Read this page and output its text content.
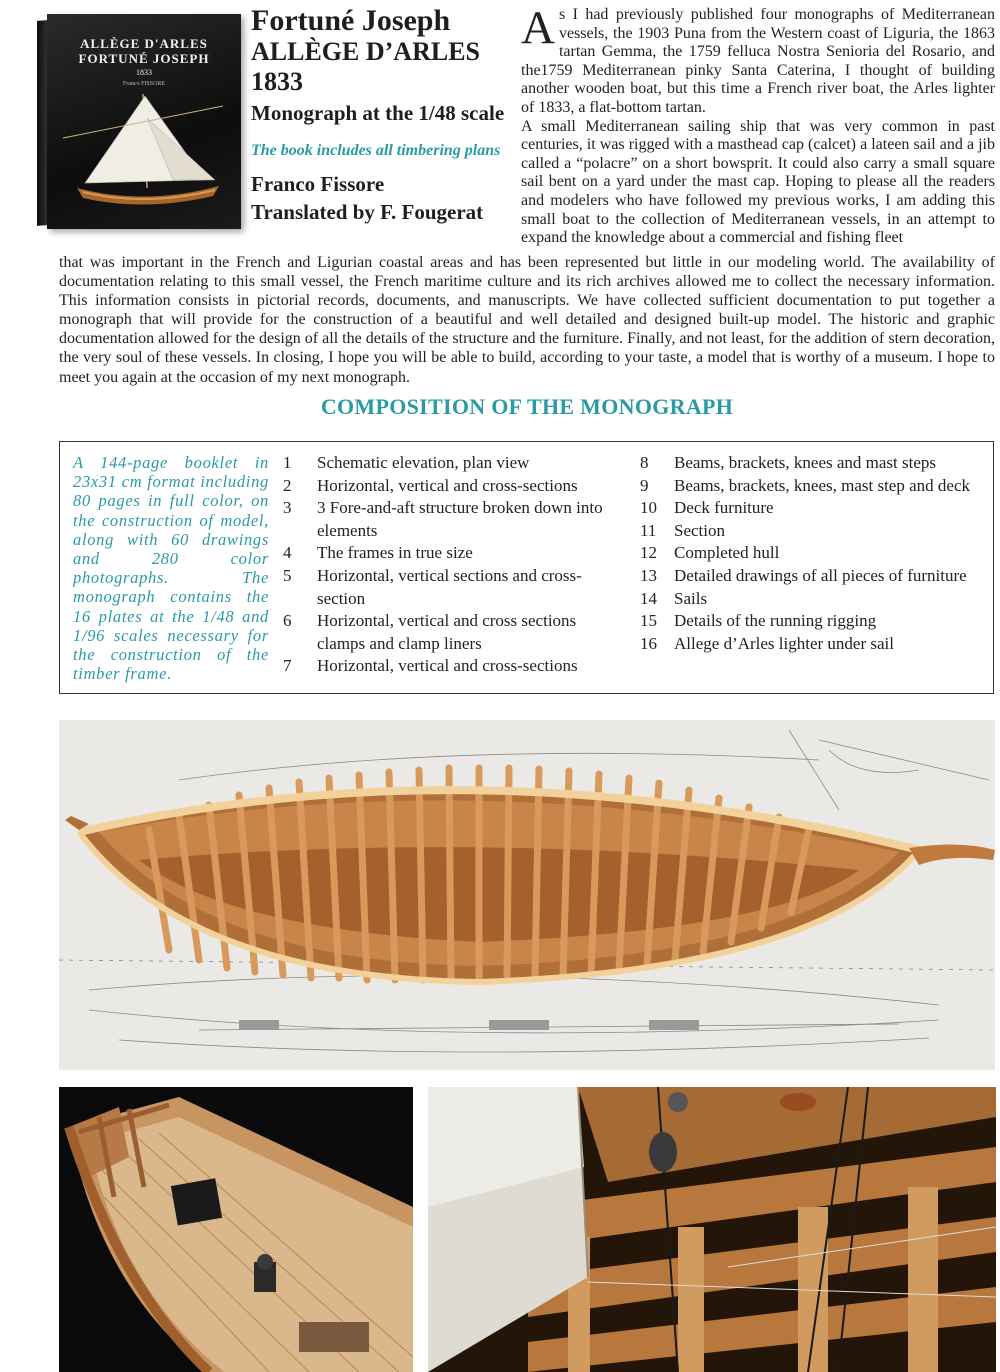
ALLÈGE D'ARLES
FORTUNÉ JOSEPH
1833
Franco FISSORE
Fortuné Joseph
ALLÈGE D’ARLES
1833
Monograph at the 1/48 scale
The book includes all timbering plans
Franco Fissore
Translated by F. Fougerat
A s I had previously published four monographs of Mediterranean vessels, the 1903 Puna from the Western coast of Liguria, the 1863 tartan Gemma, the 1759 felluca Nostra Senioria del Rosario, and the1759 Mediterranean pinky Santa Caterina, I thought of building another wooden boat, but this time a French river boat, the Arles lighter of 1833, a flat-bottom tartan.

A small Mediterranean sailing ship that was very common in past centuries, it was rigged with a masthead cap (calcet) a lateen sail and a jib called a “polacre” on a short bowsprit. It could also carry a small square sail bent on a yard under the mast cap. Hoping to please all the readers and modelers who have followed my previous works, I am adding this small boat to the collection of Mediterranean vessels, in an attempt to expand the knowledge about a commercial and fishing fleet

that was important in the French and Ligurian coastal areas and has been represented but little in our modeling world. The availability of documentation relating to this small vessel, the French maritime culture and its rich archives allowed me to collect the necessary information. This information consists in pictorial records, documents, and manuscripts. We have collected sufficient documentation to put together a monograph that will provide for the construction of a beautiful and well detailed and designed built-up model. The historic and graphic documentation allowed for the design of all the details of the structure and the furniture. Finally, and not least, for the addition of stern decoration, the very soul of these vessels. In closing, I hope you will be able to build, according to your taste, a model that is worthy of a museum. I hope to meet you again at the occasion of my next monograph.
COMPOSITION OF THE MONOGRAPH
A 144-page booklet in 23x31 cm format including 80 pages in full color, on the construction of model, along with 60 drawings and 280 color photographs. The monograph contains the 16 plates at the 1/48 and 1/96 scales necessary for the construction of the timber frame.
1	Schematic elevation, plan view
2	Horizontal, vertical and cross-sections
3	3 Fore-and-aft structure broken down into elements
4	The frames in true size
5	Horizontal, vertical sections and cross-section
6	Horizontal, vertical and cross sections clamps and clamp liners
7	Horizontal, vertical and cross-sections
8	Beams, brackets, knees and mast steps
9	Beams, brackets, knees, mast step and deck
10	Deck furniture
11	Section
12	Completed hull
13	Detailed drawings of all pieces of furniture
14	Sails
15	Details of the running rigging
16	Allege d’Arles lighter under sail
